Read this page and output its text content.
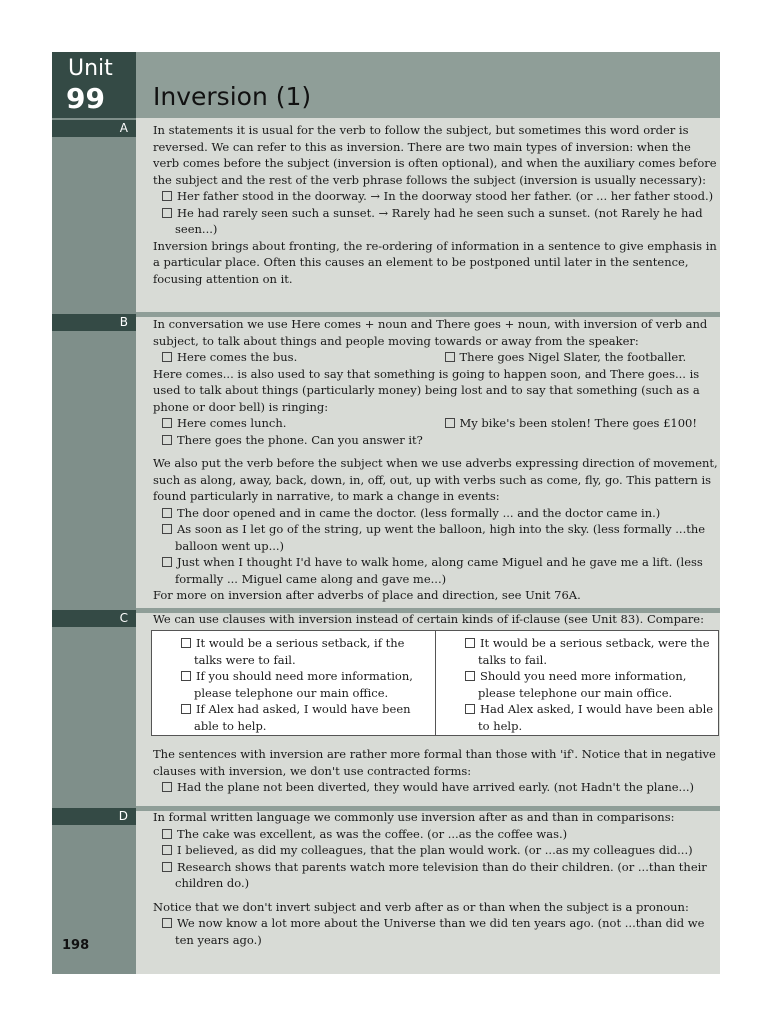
Unit
99 Inversion (1)
A In statements it is usual for the verb to follow the subject, but sometimes this word order is reversed. We can refer to this as inversion. There are two main types of inversion: when the verb comes before the subject (inversion is often optional), and when the auxiliary comes before the subject and the rest of the verb phrase follows the subject (inversion is usually necessary):

Her father stood in the doorway. → In the doorway stood her father. (or ... her father stood.)

He had rarely seen such a sunset. → Rarely had he seen such a sunset. (not Rarely he had seen...)

Inversion brings about fronting, the re-ordering of information in a sentence to give emphasis in a particular place. Often this causes an element to be postponed until later in the sentence, focusing attention on it.

B In conversation we use Here comes + noun and There goes + noun, with inversion of verb and subject, to talk about things and people moving towards or away from the speaker:

Here comes the bus.	There goes Nigel Slater, the footballer.

Here comes... is also used to say that something is going to happen soon, and There goes... is used to talk about things (particularly money) being lost and to say that something (such as a phone or door bell) is ringing:

Here comes lunch.	My bike's been stolen! There goes £100!

There goes the phone. Can you answer it?

We also put the verb before the subject when we use adverbs expressing direction of movement, such as along, away, back, down, in, off, out, up with verbs such as come, fly, go. This pattern is found particularly in narrative, to mark a change in events:

The door opened and in came the doctor. (less formally ... and the doctor came in.)

As soon as I let go of the string, up went the balloon, high into the sky. (less formally ...the balloon went up...)

Just when I thought I'd have to walk home, along came Miguel and he gave me a lift. (less formally ... Miguel came along and gave me...)

For more on inversion after adverbs of place and direction, see Unit 76A.

C We can use clauses with inversion instead of certain kinds of if-clause (see Unit 83). Compare:

It would be a serious setback, if the talks were to fail.

If you should need more information, please telephone our main office.

If Alex had asked, I would have been able to help.

It would be a serious setback, were the talks to fail.

Should you need more information, please telephone our main office.

Had Alex asked, I would have been able to help.

The sentences with inversion are rather more formal than those with 'if'. Notice that in negative clauses with inversion, we don't use contracted forms:

Had the plane not been diverted, they would have arrived early. (not Hadn't the plane...)

D In formal written language we commonly use inversion after as and than in comparisons:

The cake was excellent, as was the coffee. (or ...as the coffee was.)

I believed, as did my colleagues, that the plan would work. (or ...as my colleagues did...)

Research shows that parents watch more television than do their children. (or ...than their children do.)

Notice that we don't invert subject and verb after as or than when the subject is a pronoun:

We now know a lot more about the Universe than we did ten years ago. (not ...than did we ten years ago.)

198
